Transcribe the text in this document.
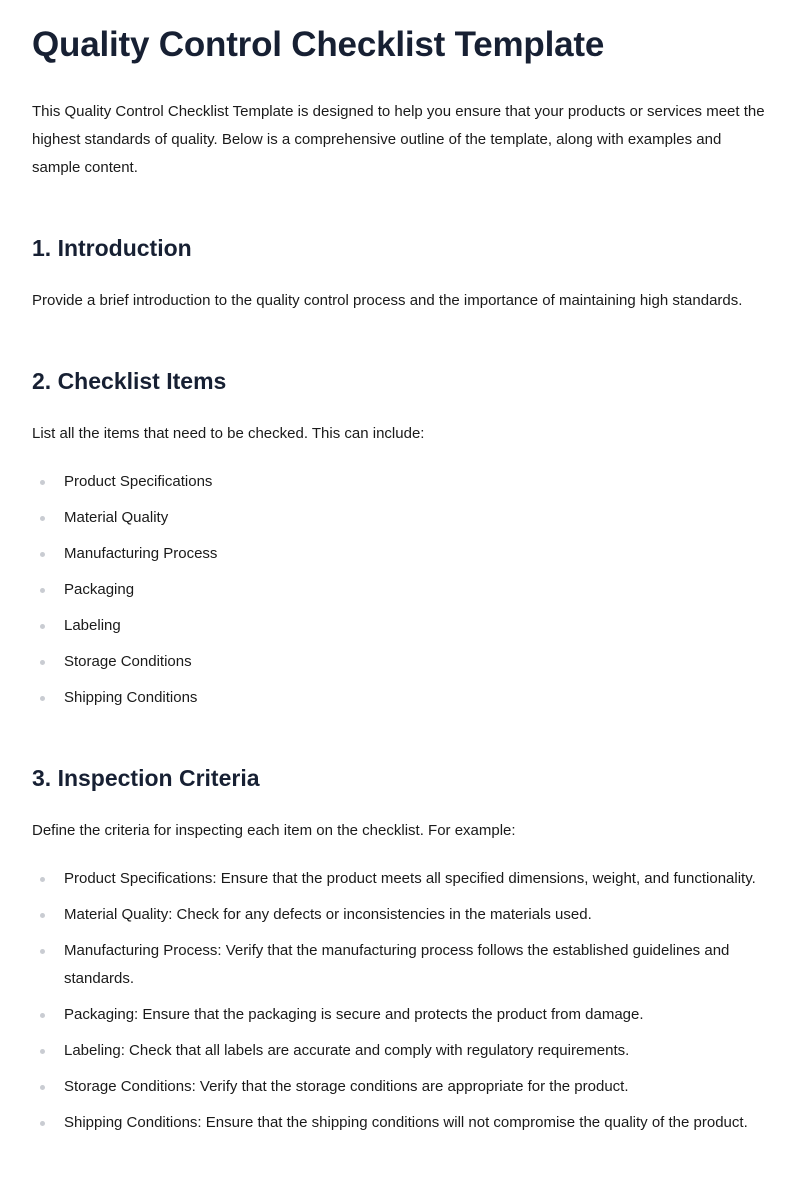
Quality Control Checklist Template

This Quality Control Checklist Template is designed to help you ensure that your products or services meet the highest standards of quality. Below is a comprehensive outline of the template, along with examples and sample content.

1. Introduction

Provide a brief introduction to the quality control process and the importance of maintaining high standards.

2. Checklist Items

List all the items that need to be checked. This can include:

Product Specifications
Material Quality
Manufacturing Process
Packaging
Labeling
Storage Conditions
Shipping Conditions
3. Inspection Criteria

Define the criteria for inspecting each item on the checklist. For example:

Product Specifications: Ensure that the product meets all specified dimensions, weight, and functionality.
Material Quality: Check for any defects or inconsistencies in the materials used.
Manufacturing Process: Verify that the manufacturing process follows the established guidelines and standards.
Packaging: Ensure that the packaging is secure and protects the product from damage.
Labeling: Check that all labels are accurate and comply with regulatory requirements.
Storage Conditions: Verify that the storage conditions are appropriate for the product.
Shipping Conditions: Ensure that the shipping conditions will not compromise the quality of the product.
